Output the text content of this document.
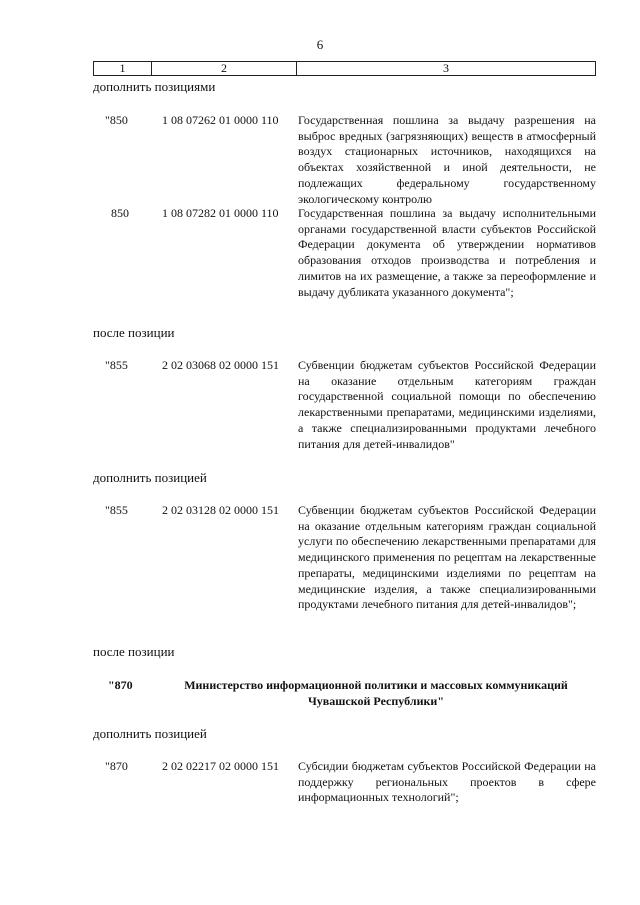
6
1	2	3
дополнить позициями
"850	1 08 07262 01 0000 110	Государственная пошлина за выдачу разрешения на выброс вредных (загрязняющих) веществ в атмосферный воздух стационарных источников, находящихся на объектах хозяйственной и иной деятельности, не подлежащих федеральному государственному экологическому контролю
850	1 08 07282 01 0000 110	Государственная пошлина за выдачу исполнительными органами государственной власти субъектов Российской Федерации документа об утверждении нормативов образования отходов производства и потребления и лимитов на их размещение, а также за переоформление и выдачу дубликата указанного документа";
после позиции
"855	2 02 03068 02 0000 151	Субвенции бюджетам субъектов Российской Федерации на оказание отдельным категориям граждан государственной социальной помощи по обеспечению лекарственными препаратами, медицинскими изделиями, а также специализированными продуктами лечебного питания для детей-инвалидов"
дополнить позицией
"855	2 02 03128 02 0000 151	Субвенции бюджетам субъектов Российской Федерации на оказание отдельным категориям граждан социальной услуги по обеспечению лекарственными препаратами для медицинского применения по рецептам на лекарственные препараты, медицинскими изделиями по рецептам на медицинские изделия, а также специализированными продуктами лечебного питания для детей-инвалидов";
после позиции
"870	Министерство информационной политики и массовых коммуникаций Чувашской Республики"
дополнить позицией
"870	2 02 02217 02 0000 151	Субсидии бюджетам субъектов Российской Федерации на поддержку региональных проектов в сфере информационных технологий";
